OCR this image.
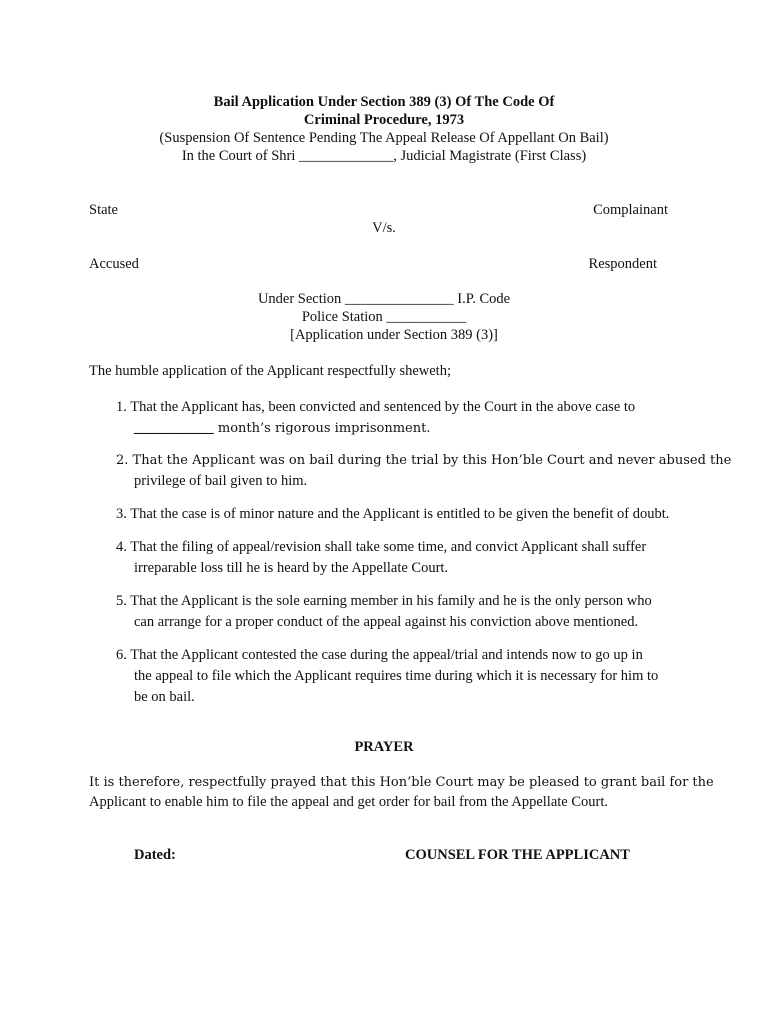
Bail Application Under Section 389 (3) Of The Code Of
Criminal Procedure, 1973
(Suspension Of Sentence Pending The Appeal Release Of Appellant On Bail)
In the Court of Shri _____________, Judicial Magistrate (First Class)
State	Complainant
V/s.
Accused	Respondent
Under Section _______________ I.P. Code
Police Station ___________
[Application under Section 389 (3)]
The humble application of the Applicant respectfully sheweth;
1. That the Applicant has, been convicted and sentenced by the Court in the above case to
___________ month’s rigorous imprisonment.
2. That the Applicant was on bail during the trial by this Hon’ble Court and never abused the
privilege of bail given to him.
3. That the case is of minor nature and the Applicant is entitled to be given the benefit of doubt.
4. That the filing of appeal/revision shall take some time, and convict Applicant shall suffer
irreparable loss till he is heard by the Appellate Court.
5. That the Applicant is the sole earning member in his family and he is the only person who
can arrange for a proper conduct of the appeal against his conviction above mentioned.
6. That the Applicant contested the case during the appeal/trial and intends now to go up in
the appeal to file which the Applicant requires time during which it is necessary for him to
be on bail.
PRAYER
It is therefore, respectfully prayed that this Hon’ble Court may be pleased to grant bail for the
Applicant to enable him to file the appeal and get order for bail from the Appellate Court.
Dated:	COUNSEL FOR THE APPLICANT
